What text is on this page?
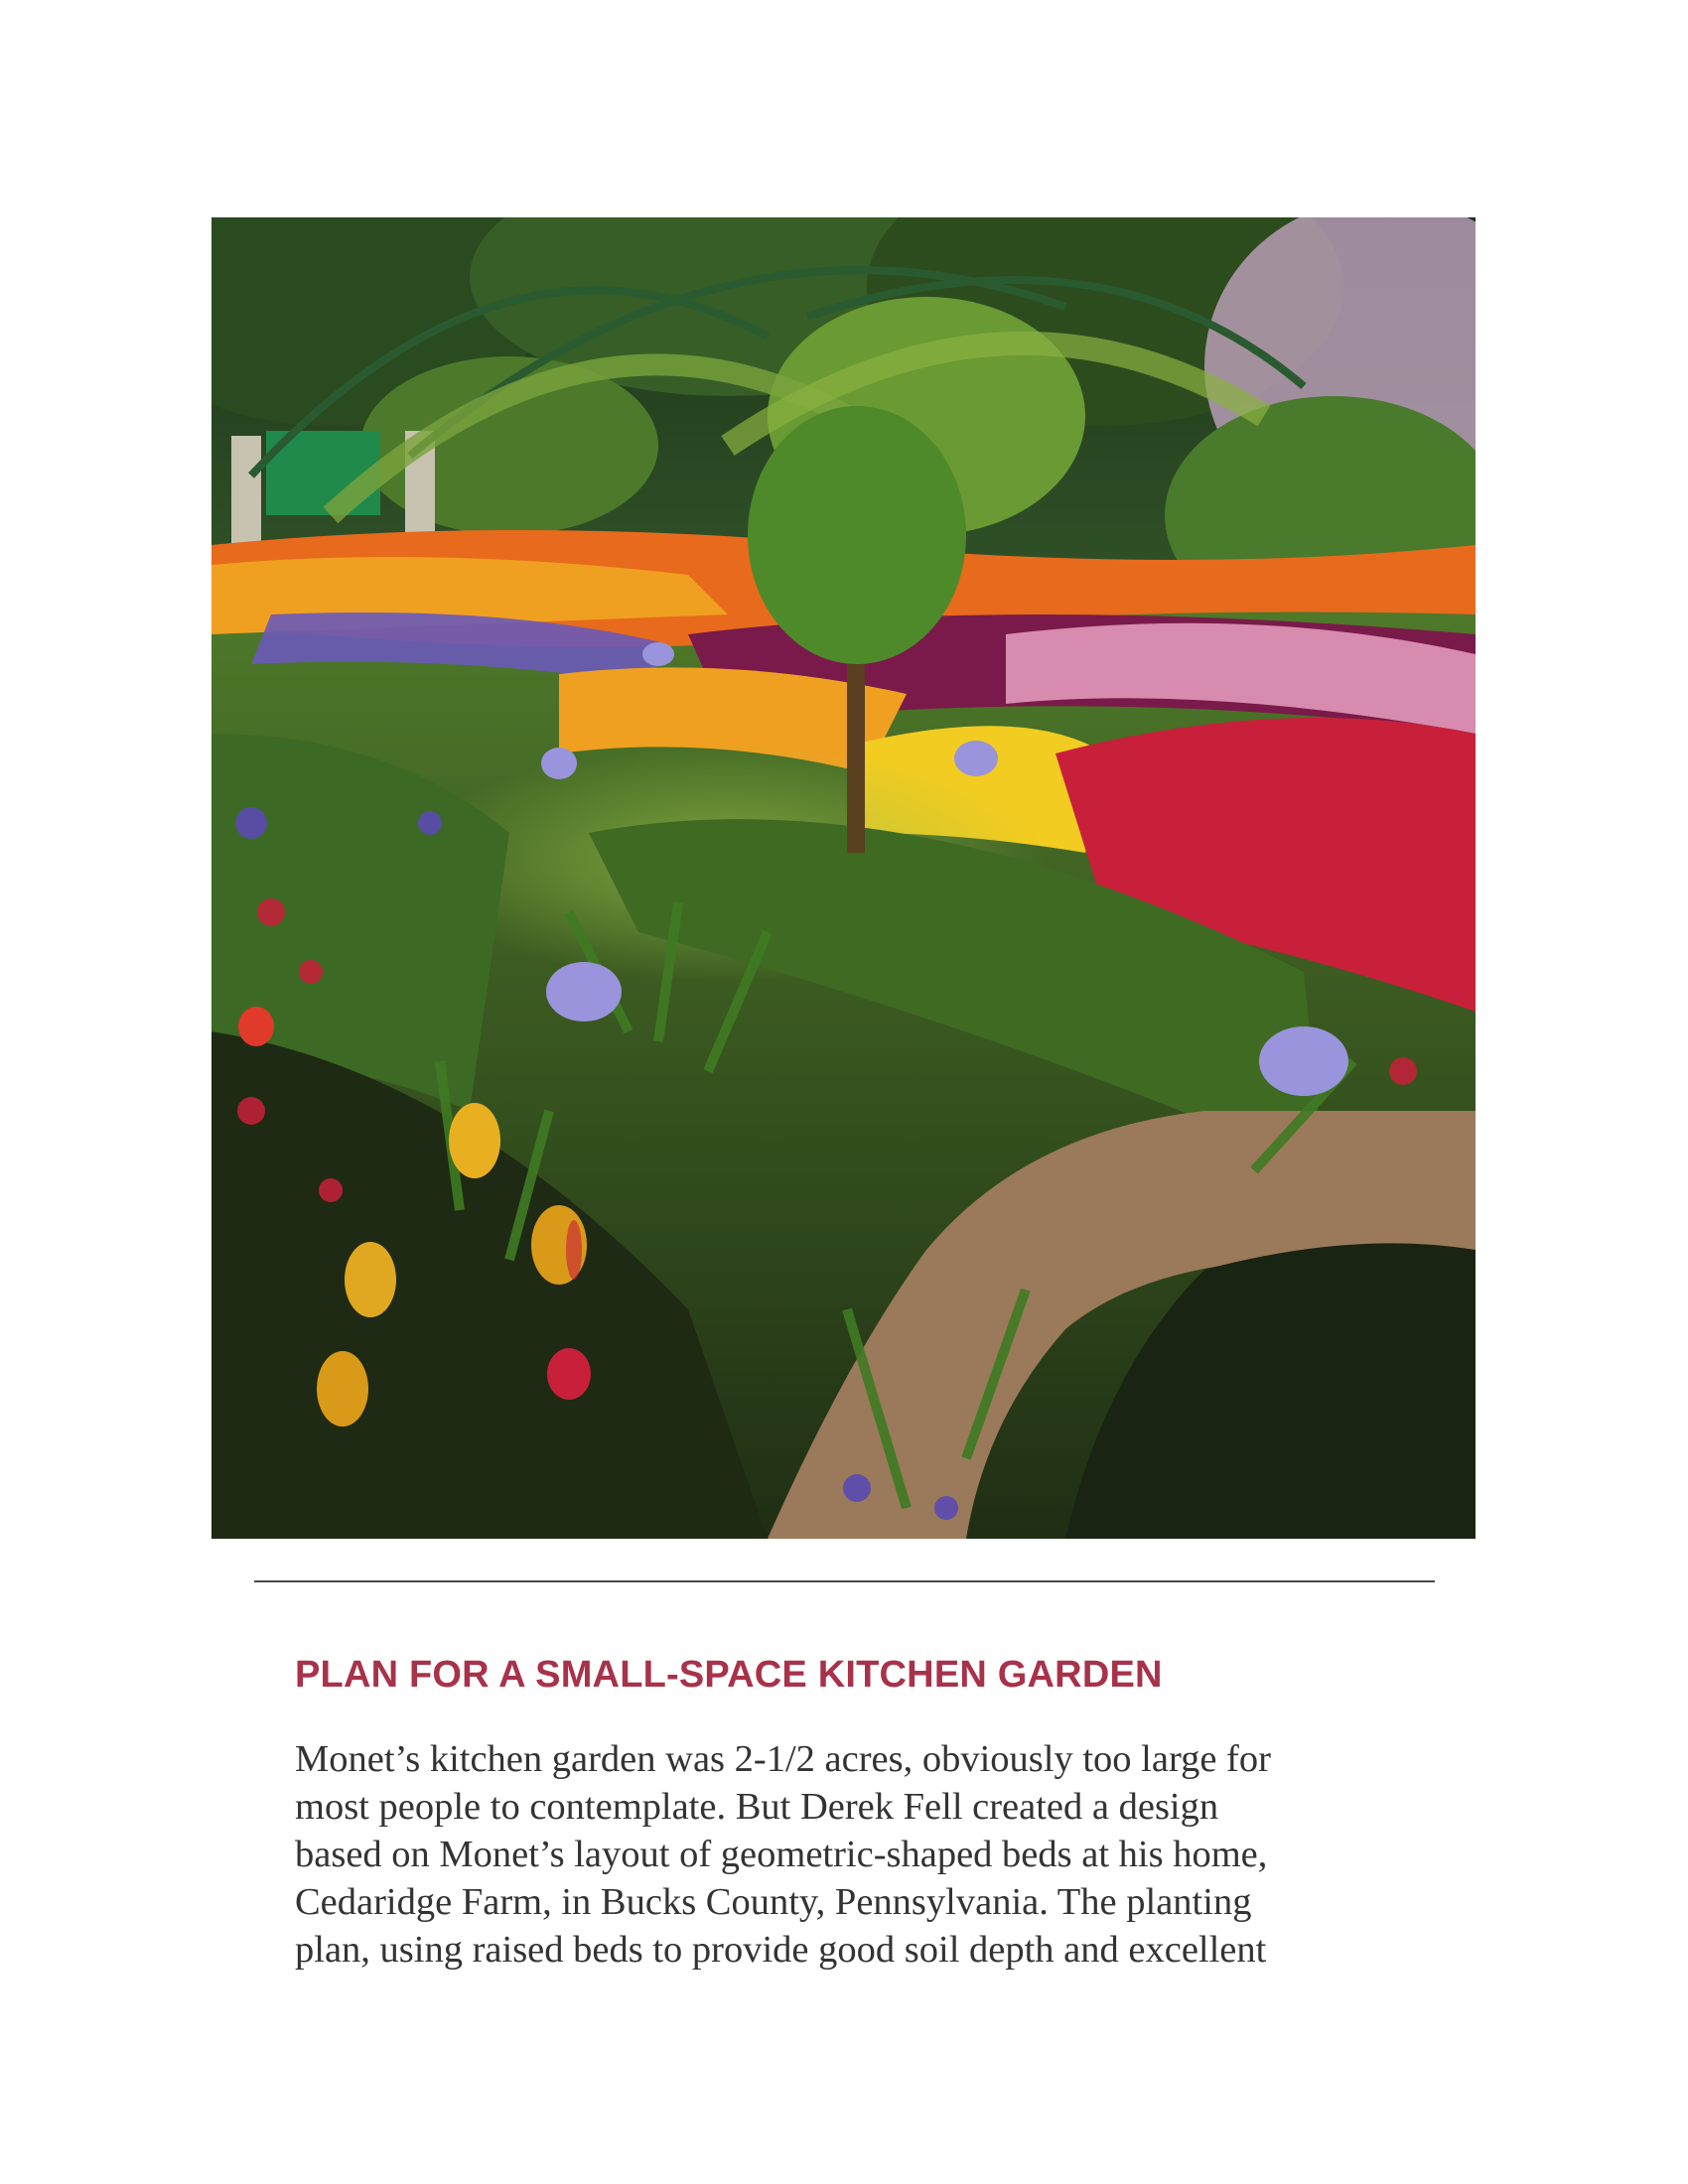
PLAN FOR A SMALL-SPACE KITCHEN GARDEN

Monet’s kitchen garden was 2-1/2 acres, obviously too large for
most people to contemplate. But Derek Fell created a design
based on Monet’s layout of geometric-shaped beds at his home,
Cedaridge Farm, in Bucks County, Pennsylvania. The planting
plan, using raised beds to provide good soil depth and excellent
